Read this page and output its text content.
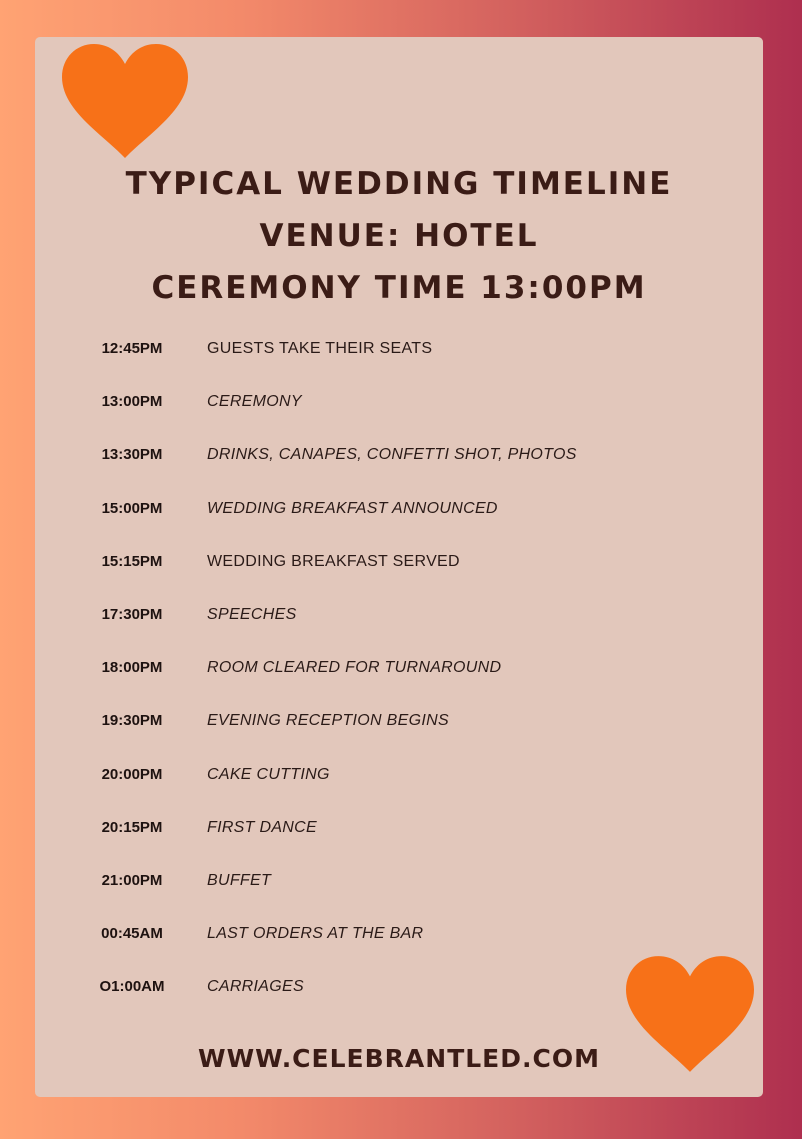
TYPICAL WEDDING TIMELINE
VENUE: HOTEL
CEREMONY TIME 13:00PM
12:45PM	GUESTS TAKE THEIR SEATS
13:00PM	CEREMONY
13:30PM	DRINKS, CANAPES, CONFETTI SHOT, PHOTOS
15:00PM	WEDDING BREAKFAST ANNOUNCED
15:15PM	WEDDING BREAKFAST SERVED
17:30PM	SPEECHES
18:00PM	ROOM CLEARED FOR TURNAROUND
19:30PM	EVENING RECEPTION BEGINS
20:00PM	CAKE CUTTING
20:15PM	FIRST DANCE
21:00PM	BUFFET
00:45AM	LAST ORDERS AT THE BAR
O1:00AM	CARRIAGES
WWW.CELEBRANTLED.COM
